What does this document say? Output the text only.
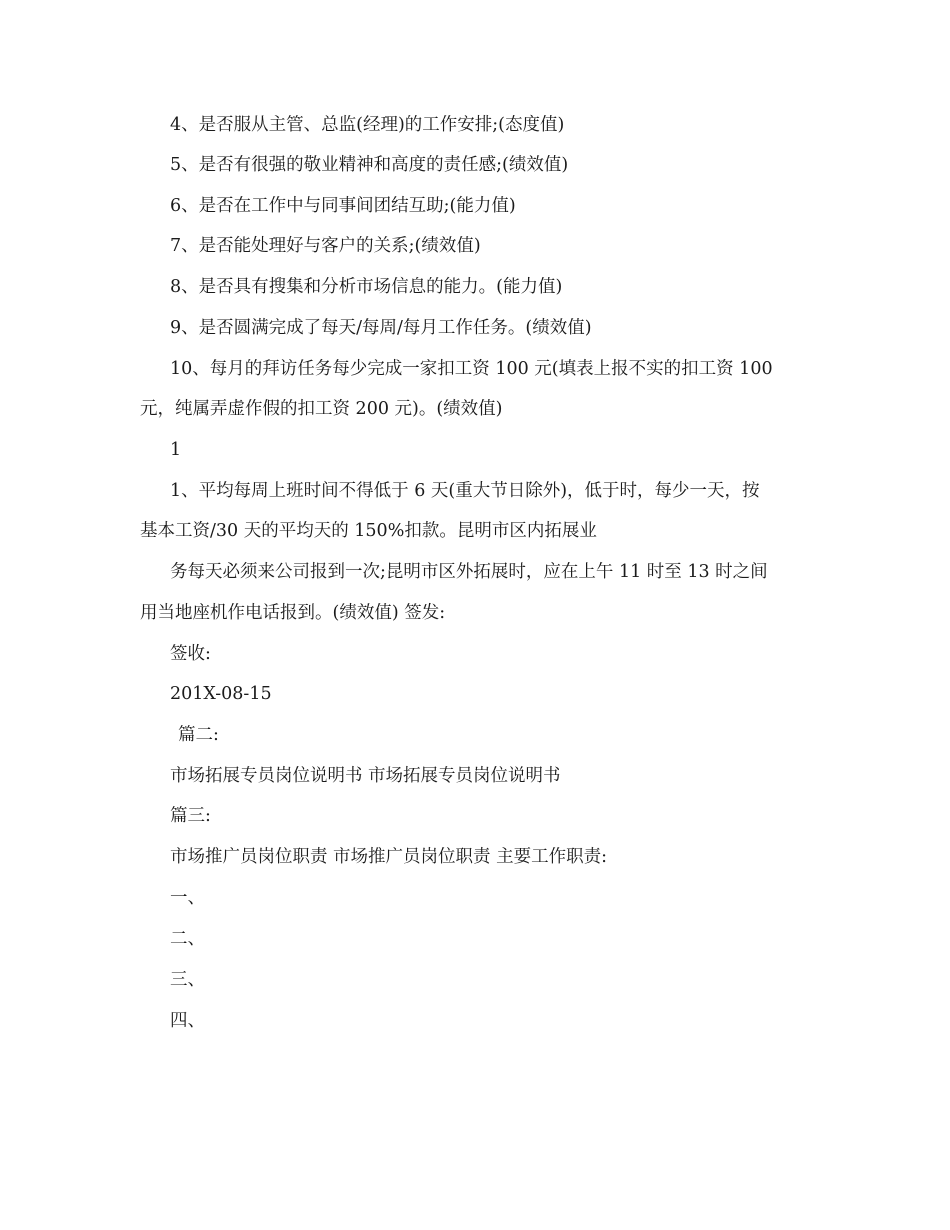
4、是否服从主管、总监(经理)的工作安排;(态度值)
5、是否有很强的敬业精神和高度的责任感;(绩效值)
6、是否在工作中与同事间团结互助;(能力值)
7、是否能处理好与客户的关系;(绩效值)
8、是否具有搜集和分析市场信息的能力。(能力值)
9、是否圆满完成了每天/每周/每月工作任务。(绩效值)
10、每月的拜访任务每少完成一家扣工资 100 元(填表上报不实的扣工资 100
元，纯属弄虚作假的扣工资 200 元)。(绩效值)
1
1、平均每周上班时间不得低于 6 天(重大节日除外)，低于时，每少一天，按
基本工资/30 天的平均天的 150%扣款。昆明市区内拓展业
务每天必须来公司报到一次;昆明市区外拓展时，应在上午 11 时至 13 时之间
用当地座机作电话报到。(绩效值) 签发:
签收:
201X-08-15
篇二:
市场拓展专员岗位说明书 市场拓展专员岗位说明书
篇三:
市场推广员岗位职责 市场推广员岗位职责 主要工作职责:
一、
二、
三、
四、
